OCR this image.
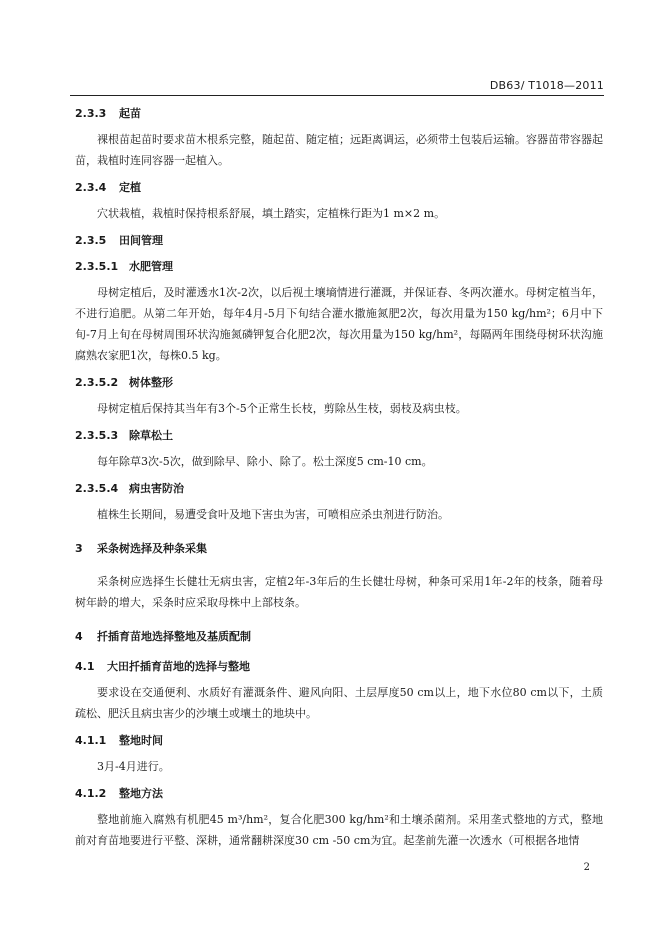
DB63/ T1018—2011
2.3.3 起苗

裸根苗起苗时要求苗木根系完整，随起苗、随定植；远距离调运，必须带土包装后运输。容器苗带容器起苗，栽植时连同容器一起植入。

2.3.4 定植

穴状栽植，栽植时保持根系舒展，填土踏实，定植株行距为1 m×2 m。

2.3.5 田间管理
2.3.5.1 水肥管理

母树定植后，及时灌透水1次-2次，以后视土壤墒情进行灌溉，并保证春、冬两次灌水。母树定植当年，不进行追肥。从第二年开始，每年4月-5月下旬结合灌水撒施氮肥2次，每次用量为150 kg/hm²；6月中下旬-7月上旬在母树周围环状沟施氮磷钾复合化肥2次，每次用量为150 kg/hm²，每隔两年围绕母树环状沟施腐熟农家肥1次，每株0.5 kg。

2.3.5.2 树体整形

母树定植后保持其当年有3个-5个正常生长枝，剪除丛生枝，弱枝及病虫枝。

2.3.5.3 除草松土

每年除草3次-5次，做到除早、除小、除了。松土深度5 cm-10 cm。

2.3.5.4 病虫害防治

植株生长期间，易遭受食叶及地下害虫为害，可喷相应杀虫剂进行防治。

3 采条树选择及种条采集

采条树应选择生长健壮无病虫害，定植2年-3年后的生长健壮母树，种条可采用1年-2年的枝条，随着母树年龄的增大，采条时应采取母株中上部枝条。

4 扦插育苗地选择整地及基质配制
4.1 大田扦插育苗地的选择与整地

要求设在交通便利、水质好有灌溉条件、避风向阳、土层厚度50 cm以上，地下水位80 cm以下，土质疏松、肥沃且病虫害少的沙壤土或壤土的地块中。

4.1.1 整地时间

3月-4月进行。

4.1.2 整地方法

整地前施入腐熟有机肥45 m³/hm²，复合化肥300 kg/hm²和土壤杀菌剂。采用垄式整地的方式，整地前对育苗地要进行平整、深耕，通常翻耕深度30 cm -50 cm为宜。起垄前先灌一次透水（可根据各地情

2
